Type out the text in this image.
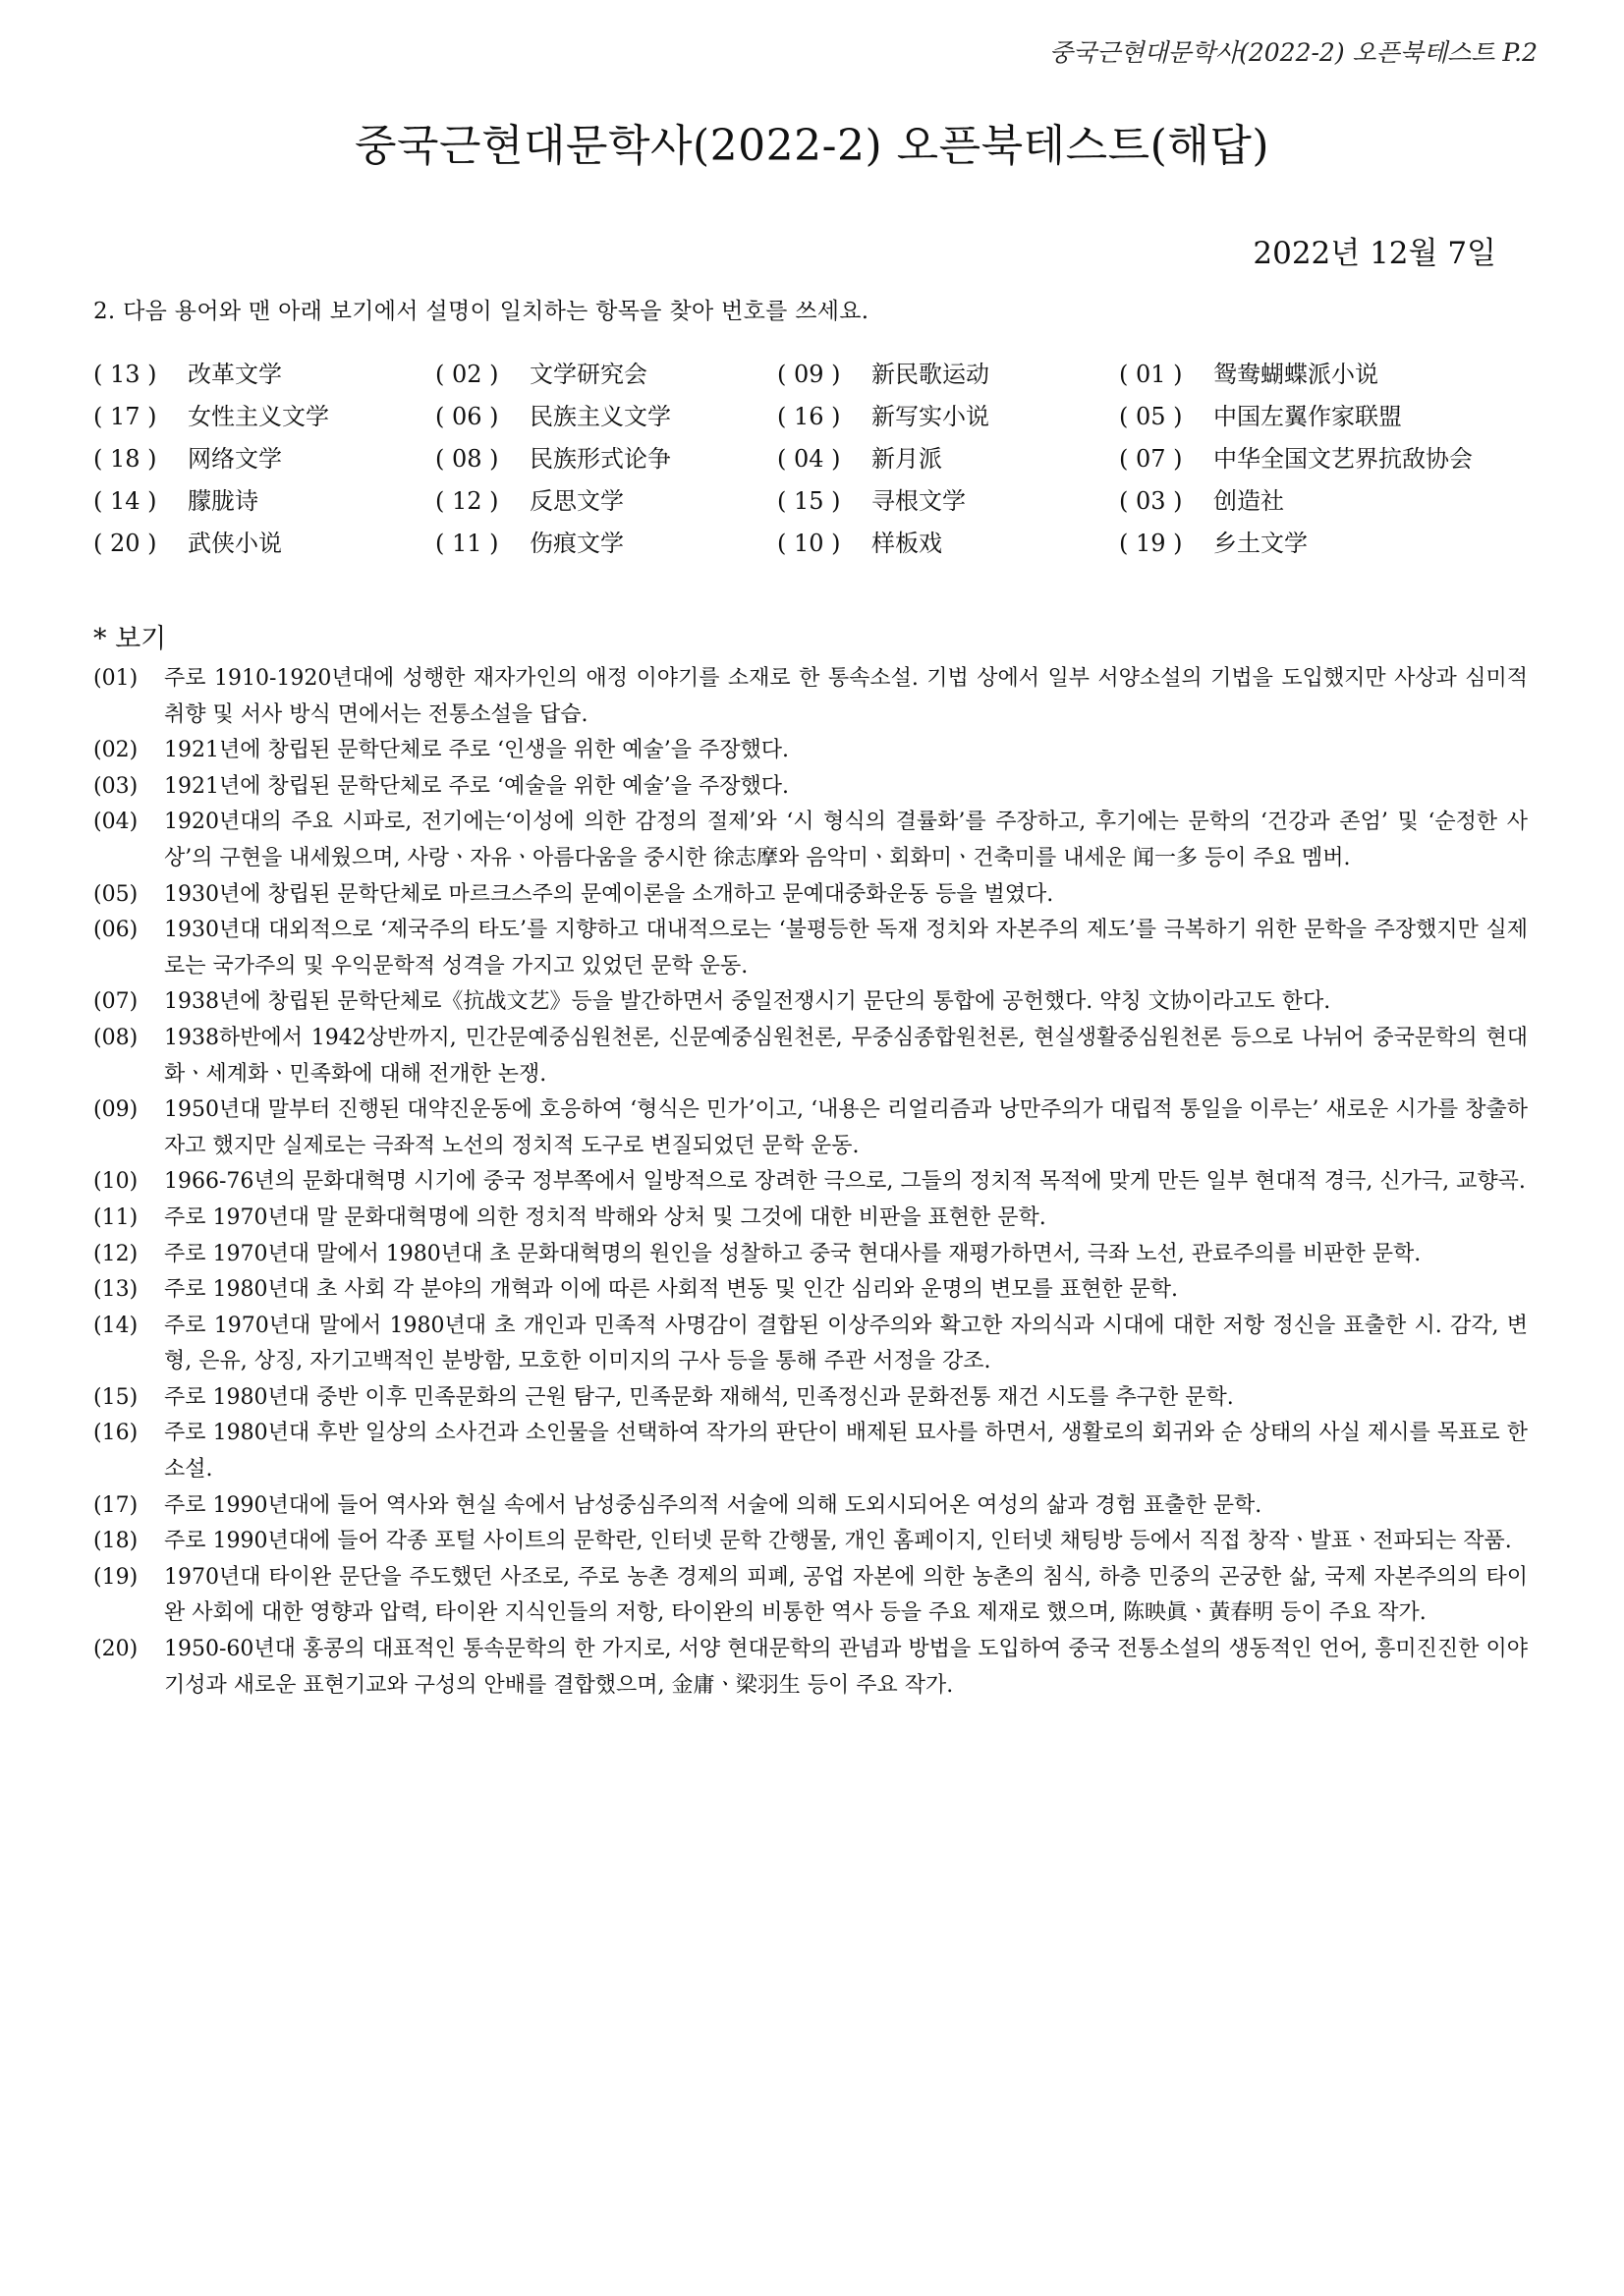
중국근현대문학사(2022-2) 오픈북테스트 P.2
중국근현대문학사(2022-2) 오픈북테스트(해답)
2022년 12월 7일
2. 다음 용어와 맨 아래 보기에서 설명이 일치하는 항목을 찾아 번호를 쓰세요.
( 13 ) 改革文学	( 02 ) 文学研究会	( 09 ) 新民歌运动	( 01 ) 鸳鸯蝴蝶派小说
( 17 ) 女性主义文学	( 06 ) 民族主义文学	( 16 ) 新写实小说	( 05 ) 中国左翼作家联盟
( 18 ) 网络文学	( 08 ) 民族形式论争	( 04 ) 新月派	( 07 ) 中华全国文艺界抗敌协会
( 14 ) 朦胧诗	( 12 ) 反思文学	( 15 ) 寻根文学	( 03 ) 创造社
( 20 ) 武侠小说	( 11 ) 伤痕文学	( 10 ) 样板戏	( 19 ) 乡土文学
* 보기
(01)	주로 1910-1920년대에 성행한 재자가인의 애정 이야기를 소재로 한 통속소설. 기법 상에서 일부 서양소설의 기법을 도입했지만 사상과 심미적 취향 및 서사 방식 면에서는 전통소설을 답습.
(02)	1921년에 창립된 문학단체로 주로 ‘인생을 위한 예술’을 주장했다.
(03)	1921년에 창립된 문학단체로 주로 ‘예술을 위한 예술’을 주장했다.
(04)	1920년대의 주요 시파로, 전기에는‘이성에 의한 감정의 절제’와 ‘시 형식의 결률화’를 주장하고, 후기에는 문학의 ‘건강과 존엄’ 및 ‘순정한 사상’의 구현을 내세웠으며, 사랑ㆍ자유ㆍ아름다움을 중시한 徐志摩와 음악미ㆍ회화미ㆍ건축미를 내세운 闻一多 등이 주요 멤버.
(05)	1930년에 창립된 문학단체로 마르크스주의 문예이론을 소개하고 문예대중화운동 등을 벌였다.
(06)	1930년대 대외적으로 ‘제국주의 타도’를 지향하고 대내적으로는 ‘불평등한 독재 정치와 자본주의 제도’를 극복하기 위한 문학을 주장했지만 실제로는 국가주의 및 우익문학적 성격을 가지고 있었던 문학 운동.
(07)	1938년에 창립된 문학단체로《抗战文艺》등을 발간하면서 중일전쟁시기 문단의 통합에 공헌했다. 약칭 文协이라고도 한다.
(08)	1938하반에서 1942상반까지, 민간문예중심원천론, 신문예중심원천론, 무중심종합원천론, 현실생활중심원천론 등으로 나뉘어 중국문학의 현대화ㆍ세계화ㆍ민족화에 대해 전개한 논쟁.
(09)	1950년대 말부터 진행된 대약진운동에 호응하여 ‘형식은 민가’이고, ‘내용은 리얼리즘과 낭만주의가 대립적 통일을 이루는’ 새로운 시가를 창출하자고 했지만 실제로는 극좌적 노선의 정치적 도구로 변질되었던 문학 운동.
(10)	1966-76년의 문화대혁명 시기에 중국 정부쪽에서 일방적으로 장려한 극으로, 그들의 정치적 목적에 맞게 만든 일부 현대적 경극, 신가극, 교향곡.
(11)	주로 1970년대 말 문화대혁명에 의한 정치적 박해와 상처 및 그것에 대한 비판을 표현한 문학.
(12)	주로 1970년대 말에서 1980년대 초 문화대혁명의 원인을 성찰하고 중국 현대사를 재평가하면서, 극좌 노선, 관료주의를 비판한 문학.
(13)	주로 1980년대 초 사회 각 분야의 개혁과 이에 따른 사회적 변동 및 인간 심리와 운명의 변모를 표현한 문학.
(14)	주로 1970년대 말에서 1980년대 초 개인과 민족적 사명감이 결합된 이상주의와 확고한 자의식과 시대에 대한 저항 정신을 표출한 시. 감각, 변형, 은유, 상징, 자기고백적인 분방함, 모호한 이미지의 구사 등을 통해 주관 서정을 강조.
(15)	주로 1980년대 중반 이후 민족문화의 근원 탐구, 민족문화 재해석, 민족정신과 문화전통 재건 시도를 추구한 문학.
(16)	주로 1980년대 후반 일상의 소사건과 소인물을 선택하여 작가의 판단이 배제된 묘사를 하면서, 생활로의 회귀와 순 상태의 사실 제시를 목표로 한 소설.
(17)	주로 1990년대에 들어 역사와 현실 속에서 남성중심주의적 서술에 의해 도외시되어온 여성의 삶과 경험 표출한 문학.
(18)	주로 1990년대에 들어 각종 포털 사이트의 문학란, 인터넷 문학 간행물, 개인 홈페이지, 인터넷 채팅방 등에서 직접 창작ㆍ발표ㆍ전파되는 작품.
(19)	1970년대 타이완 문단을 주도했던 사조로, 주로 농촌 경제의 피폐, 공업 자본에 의한 농촌의 침식, 하층 민중의 곤궁한 삶, 국제 자본주의의 타이완 사회에 대한 영향과 압력, 타이완 지식인들의 저항, 타이완의 비통한 역사 등을 주요 제재로 했으며, 陈映眞ㆍ黃春明 등이 주요 작가.
(20)	1950-60년대 홍콩의 대표적인 통속문학의 한 가지로, 서양 현대문학의 관념과 방법을 도입하여 중국 전통소설의 생동적인 언어, 흥미진진한 이야기성과 새로운 표현기교와 구성의 안배를 결합했으며, 金庸ㆍ梁羽生 등이 주요 작가.
